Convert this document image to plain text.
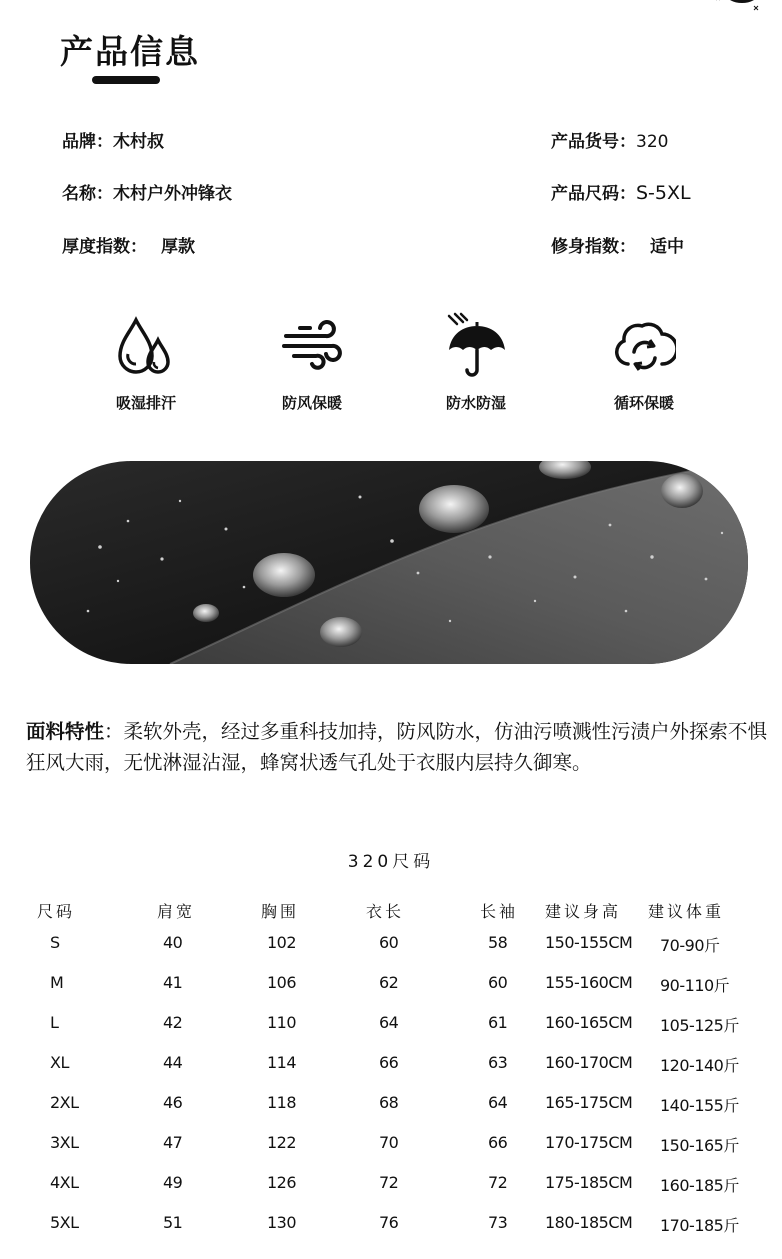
产品信息
品牌：木村叔	产品货号：320
名称：木村户外冲锋衣	产品尺码：S-5XL
厚度指数： 厚款	修身指数： 适中
吸湿排汗	防风保暖	防水防湿	循环保暖
面料特性：柔软外壳，经过多重科技加持，防风防水，仿油污喷溅性污渍户外探索不惧狂风大雨，无忧淋湿沾湿，蜂窝状透气孔处于衣服内层持久御寒。
320尺码
尺码	肩宽	胸围	衣长	长袖 建议身高 建议体重
S	40	102	60	58 150-155CM 70-90斤
M	41	106	62	60 155-160CM 90-110斤
L	42	110	64	61 160-165CM 105-125斤
XL	44	114	66	63 160-170CM 120-140斤
2XL	46	118	68	64 165-175CM 140-155斤
3XL	47	122	70	66 170-175CM 150-165斤
4XL	49	126	72	72 175-185CM 160-185斤
5XL	51	130	76	73 180-185CM 170-185斤
